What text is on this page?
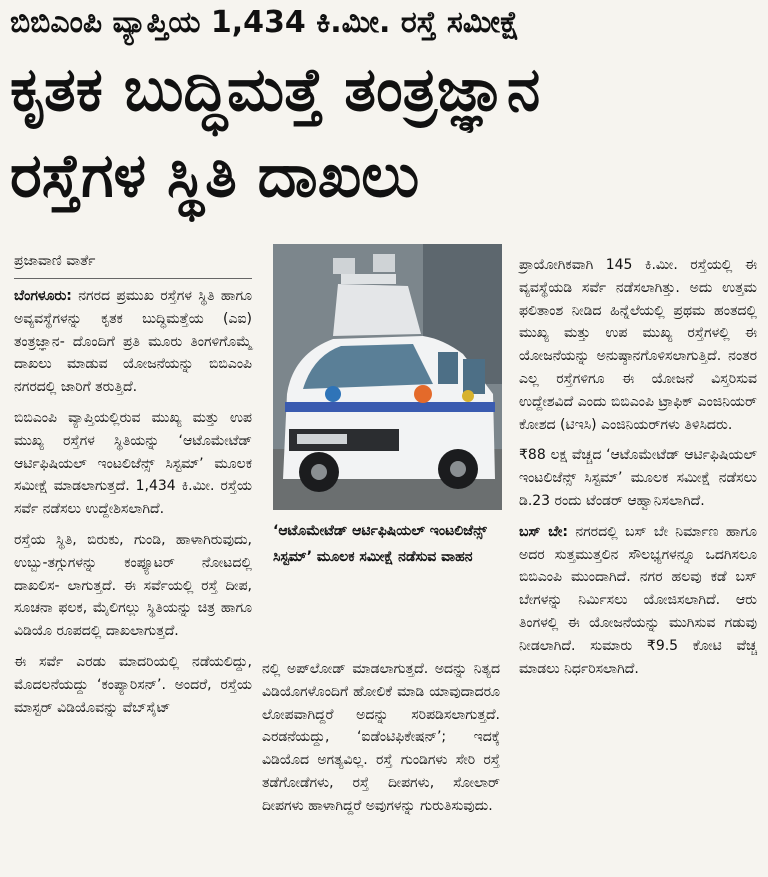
ಬಿಬಿಎಂಪಿ ವ್ಯಾಪ್ತಿಯ 1,434 ಕಿ.ಮೀ. ರಸ್ತೆ ಸಮೀಕ್ಷೆ
ಕೃತಕ ಬುದ್ಧಿಮತ್ತೆ ತಂತ್ರಜ್ಞಾನ
ರಸ್ತೆಗಳ ಸ್ಥಿತಿ ದಾಖಲು
ಪ್ರಜಾವಾಣಿ ವಾರ್ತೆ

ಬೆಂಗಳೂರು: ನಗರದ ಪ್ರಮುಖ ರಸ್ತೆಗಳ ಸ್ಥಿತಿ ಹಾಗೂ ಅವ್ಯವಸ್ಥೆಗಳನ್ನು ಕೃತಕ ಬುದ್ಧಿಮತ್ತೆಯ (ಎಐ) ತಂತ್ರಜ್ಞಾನ- ದೊಂದಿಗೆ ಪ್ರತಿ ಮೂರು ತಿಂಗಳಿಗೊಮ್ಮೆ ದಾಖಲು ಮಾಡುವ ಯೋಜನೆಯನ್ನು ಬಿಬಿಎಂಪಿ ನಗರದಲ್ಲಿ ಜಾರಿಗೆ ತರುತ್ತಿದೆ.

ಬಿಬಿಎಂಪಿ ವ್ಯಾಪ್ತಿಯಲ್ಲಿರುವ ಮುಖ್ಯ ಮತ್ತು ಉಪ ಮುಖ್ಯ ರಸ್ತೆಗಳ ಸ್ಥಿತಿಯನ್ನು ‘ಆಟೊಮೇಟೆಡ್ ಆರ್ಟಿಫಿಷಿಯಲ್ ಇಂಟಲಿಜೆನ್ಸ್ ಸಿಸ್ಟಮ್’ ಮೂಲಕ ಸಮೀಕ್ಷೆ ಮಾಡಲಾಗುತ್ತದೆ. 1,434 ಕಿ.ಮೀ. ರಸ್ತೆಯ ಸರ್ವೆ ನಡೆಸಲು ಉದ್ದೇಶಿಸಲಾಗಿದೆ.

ರಸ್ತೆಯ ಸ್ಥಿತಿ, ಬಿರುಕು, ಗುಂಡಿ, ಹಾಳಾಗಿರುವುದು, ಉಬ್ಬು-ತಗ್ಗುಗಳನ್ನು ಕಂಪ್ಯೂಟರ್ ನೋಟದಲ್ಲಿ ದಾಖಲಿಸ- ಲಾಗುತ್ತದೆ. ಈ ಸರ್ವೆಯಲ್ಲಿ ರಸ್ತೆ ದೀಪ, ಸೂಚನಾ ಫಲಕ, ಮೈಲಿಗಲ್ಲು ಸ್ಥಿತಿಯನ್ನು ಚಿತ್ರ ಹಾಗೂ ವಿಡಿಯೊ ರೂಪದಲ್ಲಿ ದಾಖಲಾಗುತ್ತದೆ.

ಈ ಸರ್ವೆ ಎರಡು ಮಾದರಿಯಲ್ಲಿ ನಡೆಯಲಿದ್ದು, ಮೊದಲನೆಯದ್ದು ‘ಕಂಪ್ಯಾರಿಸನ್’. ಅಂದರೆ, ರಸ್ತೆಯ ಮಾಸ್ಟರ್ ವಿಡಿಯೊವನ್ನು ವೆಬ್‌ಸೈಟ್

‘ಆಟೊಮೇಟೆಡ್ ಆರ್ಟಿಫಿಷಿಯಲ್ ಇಂಟಲಿಜೆನ್ಸ್ ಸಿಸ್ಟಮ್’ ಮೂಲಕ ಸಮೀಕ್ಷೆ ನಡೆಸುವ ವಾಹನ

ನಲ್ಲಿ ಅಪ್‌ಲೋಡ್ ಮಾಡಲಾಗುತ್ತದೆ. ಅದನ್ನು ನಿತ್ಯದ ವಿಡಿಯೊಗಳೊಂದಿಗೆ ಹೋಲಿಕೆ ಮಾಡಿ ಯಾವುದಾದರೂ ಲೋಪವಾಗಿದ್ದರೆ ಅದನ್ನು ಸರಿಪಡಿಸಲಾಗುತ್ತದೆ. ಎರಡನೆಯದ್ದು, ‘ಐಡೆಂಟಿಫಿಕೇಷನ್’; ಇದಕ್ಕೆ ವಿಡಿಯೊದ ಅಗತ್ಯವಿಲ್ಲ. ರಸ್ತೆ ಗುಂಡಿಗಳು ಸೇರಿ ರಸ್ತೆ ತಡೆಗೋಡೆಗಳು, ರಸ್ತೆ ದೀಪಗಳು, ಸೋಲಾರ್ ದೀಪಗಳು ಹಾಳಾಗಿದ್ದರೆ ಅವುಗಳನ್ನು ಗುರುತಿಸುವುದು.

ಪ್ರಾಯೋಗಿಕವಾಗಿ 145 ಕಿ.ಮೀ. ರಸ್ತೆಯಲ್ಲಿ ಈ ವ್ಯವಸ್ಥೆಯಡಿ ಸರ್ವೆ ನಡೆಸಲಾಗಿತ್ತು. ಅದು ಉತ್ತಮ ಫಲಿತಾಂಶ ನೀಡಿದ ಹಿನ್ನೆಲೆಯಲ್ಲಿ ಪ್ರಥಮ ಹಂತದಲ್ಲಿ ಮುಖ್ಯ ಮತ್ತು ಉಪ ಮುಖ್ಯ ರಸ್ತೆಗಳಲ್ಲಿ ಈ ಯೋಜನೆಯನ್ನು ಅನುಷ್ಠಾನಗೊಳಿಸಲಾಗುತ್ತಿದೆ. ನಂತರ ಎಲ್ಲ ರಸ್ತೆಗಳಿಗೂ ಈ ಯೋಜನೆ ವಿಸ್ತರಿಸುವ ಉದ್ದೇಶವಿದೆ ಎಂದು ಬಿಬಿಎಂಪಿ ಟ್ರಾಫಿಕ್ ಎಂಜಿನಿಯರ್ ಕೋಶದ (ಟಿಇಸಿ) ಎಂಜಿನಿಯರ್‌ಗಳು ತಿಳಿಸಿದರು.

₹88 ಲಕ್ಷ ವೆಚ್ಚದ ‘ಆಟೊಮೇಟೆಡ್ ಆರ್ಟಿಫಿಷಿಯಲ್ ಇಂಟಲಿಜೆನ್ಸ್ ಸಿಸ್ಟಮ್’ ಮೂಲಕ ಸಮೀಕ್ಷೆ ನಡೆಸಲು ಡಿ.23 ರಂದು ಟೆಂಡರ್ ಆಹ್ವಾನಿಸಲಾಗಿದೆ.

ಬಸ್ ಬೇ: ನಗರದಲ್ಲಿ ಬಸ್ ಬೇ ನಿರ್ಮಾಣ ಹಾಗೂ ಅದರ ಸುತ್ತಮುತ್ತಲಿನ ಸೌಲಭ್ಯಗಳನ್ನೂ ಒದಗಿಸಲೂ ಬಿಬಿಎಂಪಿ ಮುಂದಾಗಿದೆ. ನಗರ ಹಲವು ಕಡೆ ಬಸ್ ಬೇಗಳನ್ನು ನಿರ್ಮಿಸಲು ಯೋಜಿಸಲಾಗಿದೆ. ಆರು ತಿಂಗಳಲ್ಲಿ ಈ ಯೋಜನೆಯನ್ನು ಮುಗಿಸುವ ಗಡುವು ನೀಡಲಾಗಿದೆ. ಸುಮಾರು ₹9.5 ಕೋಟಿ ವೆಚ್ಚ ಮಾಡಲು ನಿರ್ಧರಿಸಲಾಗಿದೆ.
